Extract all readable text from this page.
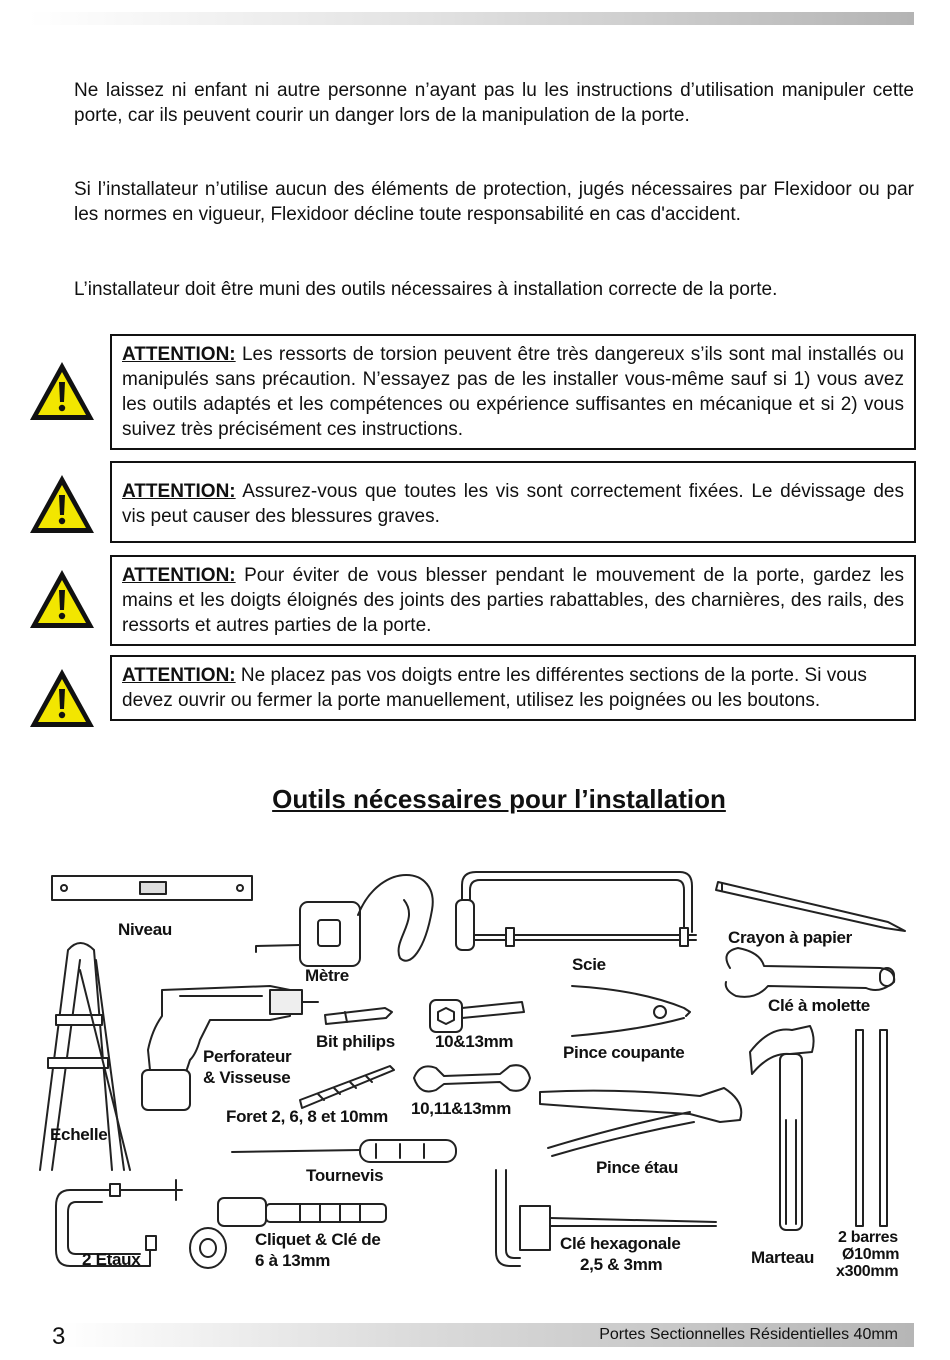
Ne laissez ni enfant ni autre personne n’ayant pas lu les instructions d’utilisation manipuler cette porte, car ils peuvent courir un danger lors de la manipulation de la porte.

Si l’installateur n’utilise aucun des éléments de protection, jugés nécessaires par Flexidoor ou par les normes en vigueur, Flexidoor décline toute responsabilité en cas d'accident.

L’installateur doit être muni des outils nécessaires à installation correcte de la porte.

ATTENTION: Les ressorts de torsion peuvent être très dangereux s’ils sont mal installés ou manipulés sans précaution. N’essayez pas de les installer vous-même sauf si 1) vous avez les outils adaptés et les compétences ou expérience suffisantes en mécanique et si 2) vous suivez très précisément ces instructions.
ATTENTION: Assurez-vous que toutes les vis sont correctement fixées. Le dévissage des vis peut causer des blessures graves.
ATTENTION: Pour éviter de vous blesser pendant le mouvement de la porte, gardez les mains et les doigts éloignés des joints des parties rabattables, des charnières, des rails, des ressorts et autres parties de la porte.
ATTENTION: Ne placez pas vos doigts entre les différentes sections de la porte. Si vous devez ouvrir ou fermer la porte manuellement, utilisez les poignées ou les boutons.
Outils nécessaires pour l’installation
Niveau
Mètre
Scie
Crayon à papier
Clé à molette
Bit philips 10&13mm
Pince coupante
Perforateur
& Visseuse
10,11&13mm
Foret 2, 6, 8 et 10mm
Echelle
Tournevis	Pince étau
Cliquet & Clé de
6 à 13mm
Clé hexagonale
2,5 & 3mm
2 Etaux	Marteau
2 barres
Ø10mm
x300mm
3	Portes Sectionnelles Résidentielles 40mm
